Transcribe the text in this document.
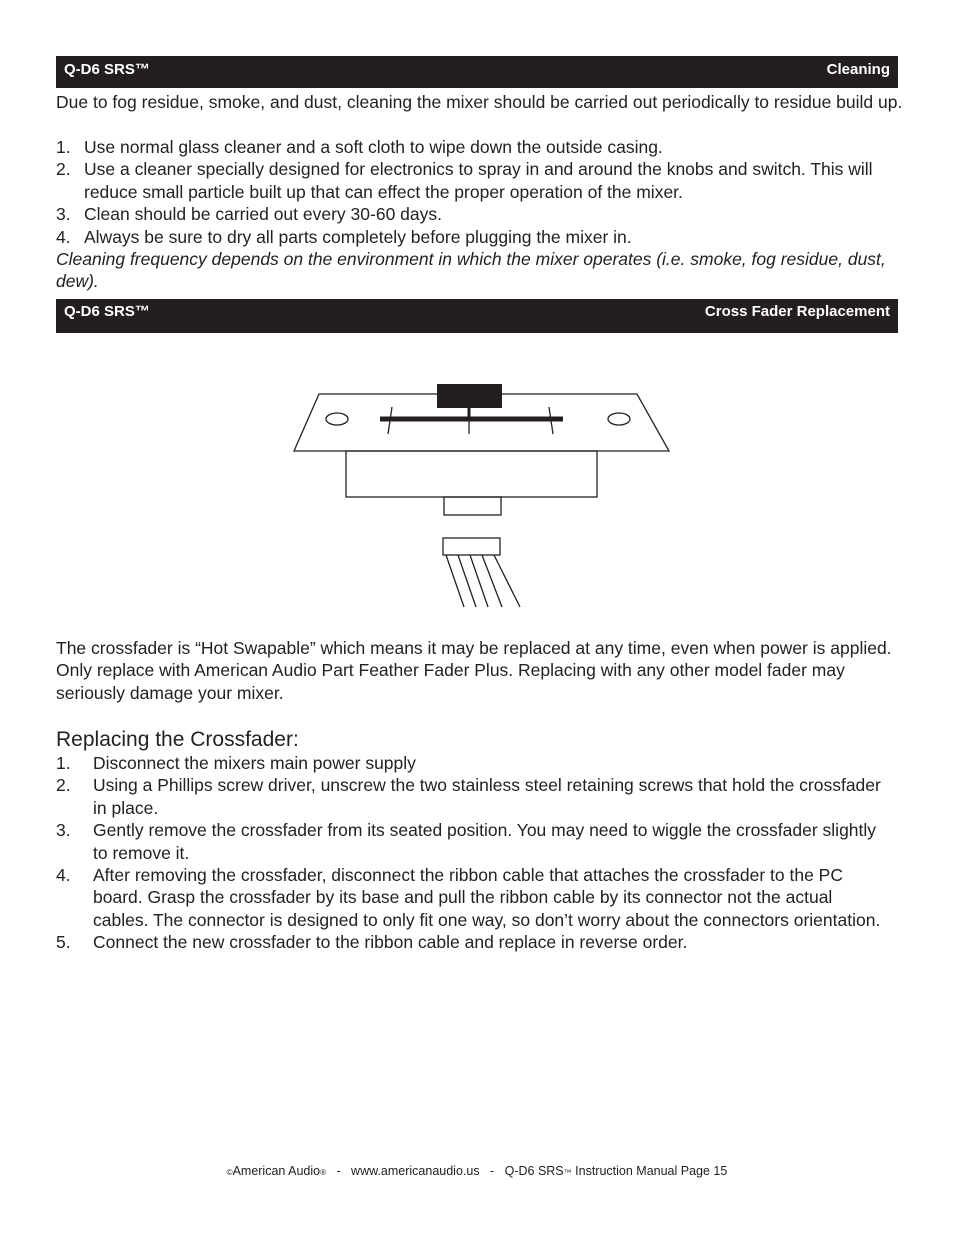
Q-D6 SRS™	Cleaning

Due to fog residue, smoke, and dust, cleaning the mixer should be carried out periodically to residue build up.

1. Use normal glass cleaner and a soft cloth to wipe down the outside casing.
2. Use a cleaner specially designed for electronics to spray in and around the knobs and switch. This will reduce small particle built up that can effect the proper operation of the mixer.
3. Clean should be carried out every 30-60 days.
4. Always be sure to dry all parts completely before plugging the mixer in.

Cleaning frequency depends on the environment in which the mixer operates (i.e. smoke, fog residue, dust, dew).

Q-D6 SRS™	Cross Fader Replacement

The crossfader is “Hot Swapable” which means it may be replaced at any time, even when power is applied. Only replace with American Audio Part Feather Fader Plus. Replacing with any other model fader may seriously damage your mixer.

Replacing the Crossfader:
1. Disconnect the mixers main power supply
2. Using a Phillips screw driver, unscrew the two stainless steel retaining screws that hold the crossfader in place.
3. Gently remove the crossfader from its seated position. You may need to wiggle the crossfader slightly to remove it.
4. After removing the crossfader, disconnect the ribbon cable that attaches the crossfader to the PC board. Grasp the crossfader by its base and pull the ribbon cable by its connector not the actual cables. The connector is designed to only fit one way, so don’t worry about the connectors orientation.
5. Connect the new crossfader to the ribbon cable and replace in reverse order.
©American Audio® - www.americanaudio.us - Q-D6 SRS™ Instruction Manual Page 15
